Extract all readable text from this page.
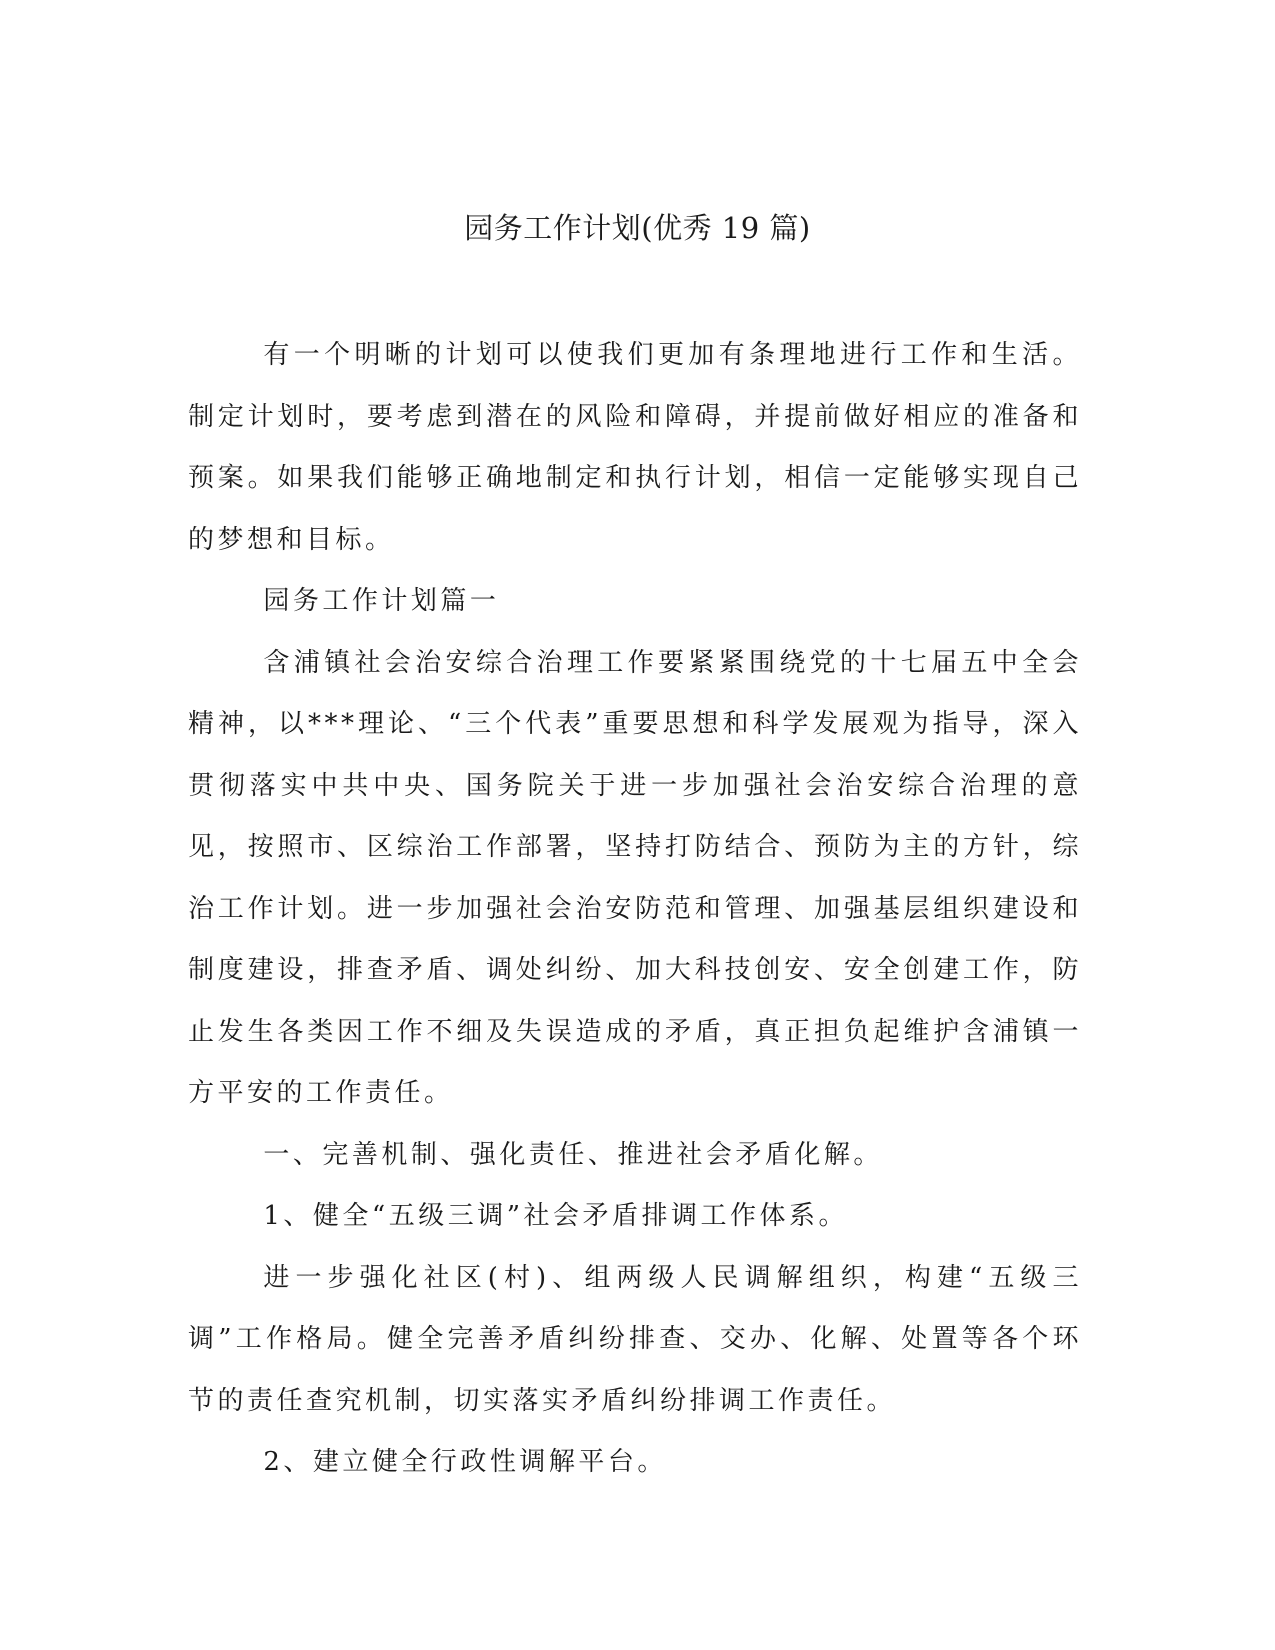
园务工作计划(优秀 19 篇)

有一个明晰的计划可以使我们更加有条理地进行工作和生活。制定计划时，要考虑到潜在的风险和障碍，并提前做好相应的准备和预案。如果我们能够正确地制定和执行计划，相信一定能够实现自己的梦想和目标。

园务工作计划篇一

含浦镇社会治安综合治理工作要紧紧围绕党的十七届五中全会精神，以***理论、“三个代表”重要思想和科学发展观为指导，深入贯彻落实中共中央、国务院关于进一步加强社会治安综合治理的意见，按照市、区综治工作部署，坚持打防结合、预防为主的方针，综治工作计划。进一步加强社会治安防范和管理、加强基层组织建设和制度建设，排查矛盾、调处纠纷、加大科技创安、安全创建工作，防止发生各类因工作不细及失误造成的矛盾，真正担负起维护含浦镇一方平安的工作责任。

一、完善机制、强化责任、推进社会矛盾化解。

1、健全“五级三调”社会矛盾排调工作体系。

进一步强化社区(村)、组两级人民调解组织，构建“五级三调”工作格局。健全完善矛盾纠纷排查、交办、化解、处置等各个环节的责任查究机制，切实落实矛盾纠纷排调工作责任。

2、建立健全行政性调解平台。
